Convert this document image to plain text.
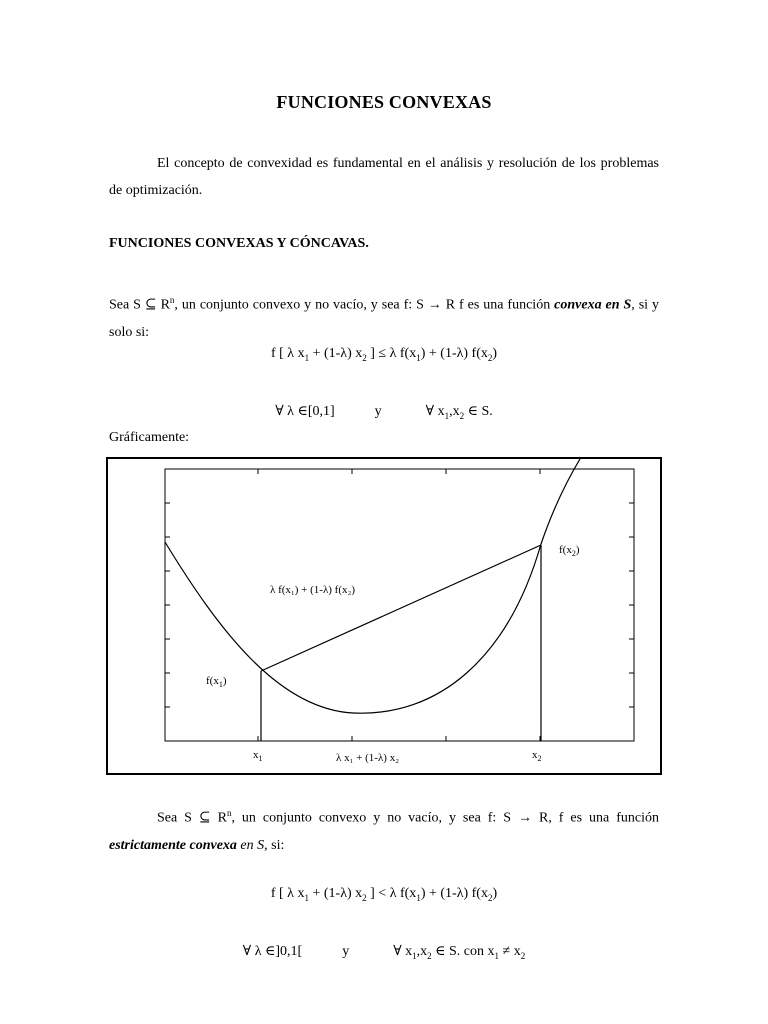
FUNCIONES CONVEXAS
El concepto de convexidad es fundamental en el análisis y resolución de los problemas de optimización.
FUNCIONES CONVEXAS Y CÓNCAVAS.
Sea S ⊆ $R^n$, un conjunto convexo y no vacío, y sea f: S → R f es una función convexa en S, si y solo si:
f [ λ $x_1 + (1-\lambda)$ $x_2$ ] ≤ λ $f(x_1) + (1-\lambda)$ $f(x_2)$
∀ λ ∈[0,1]	y	∀ $x_1,x_2$ ∈ S.
Gráficamente:
$f(x_2)$
$f(x_1)$
λ f(x₁) + (1-λ) f(x₂)
$x_1$	$x_2$
λ x₁ + (1-λ) x₂
Sea S ⊆ $R^n$, un conjunto convexo y no vacío, y sea f: S → R, f es una función estrictamente convexa en S, si:
f [ λ $x_1 + (1-\lambda)$ $x_2$ ] < λ $f(x_1) + (1-\lambda)$ $f(x_2)$
∀ λ ∈]0,1[	y	∀ $x_1,x_2$ ∈ S. con $x_1 \ne x_2$
